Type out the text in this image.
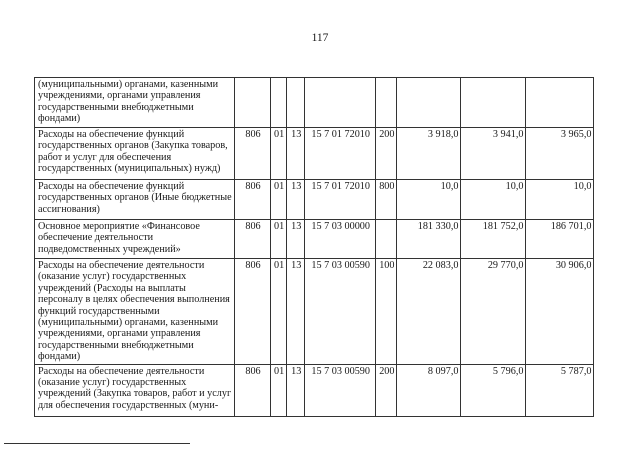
117
(муниципальными) органами, казенными учреждениями, органами управления государственными внебюджетными фондами)								
Расходы на обеспечение функций государственных органов (Закупка товаров, работ и услуг для обеспечения государственных (муниципальных) нужд)	806	01	13	15 7 01 72010	200	3 918,0	3 941,0	3 965,0
Расходы на обеспечение функций государственных органов (Иные бюджетные ассигнования)	806	01	13	15 7 01 72010	800	10,0	10,0	10,0
Основное мероприятие «Финансовое обеспечение деятельности подведомственных учреждений»	806	01	13	15 7 03 00000		181 330,0	181 752,0	186 701,0
Расходы на обеспечение деятельности (оказание услуг) государственных учреждений (Расходы на выплаты персоналу в целях обеспечения выполнения функций государственными (муниципальными) органами, казенными учреждениями, органами управления государственными внебюджетными фондами)	806	01	13	15 7 03 00590	100	22 083,0	29 770,0	30 906,0
Расходы на обеспечение деятельности (оказание услуг) государственных учреждений (Закупка товаров, работ и услуг для обеспечения государственных (муни-	806	01	13	15 7 03 00590	200	8 097,0	5 796,0	5 787,0
